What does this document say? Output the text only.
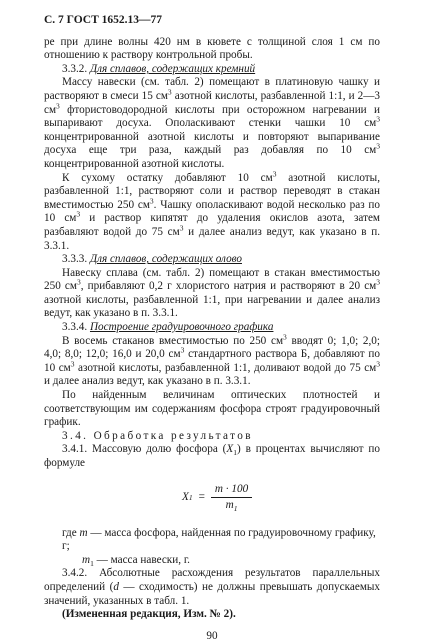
С. 7 ГОСТ 1652.13—77

ре при длине волны 420 нм в кювете с толщиной слоя 1 см по отношению к раствору контрольной пробы.

3.3.2. Для сплавов, содержащих кремний

Массу навески (см. табл. 2) помещают в платиновую чашку и растворяют в смеси 15 $см^3$ азотной кислоты, разбавленной 1:1, и 2—3 $см^3$ фтористоводородной кислоты при осторожном нагревании и выпаривают досуха. Ополаскивают стенки чашки 10 $см^3$ концентрированной азотной кислоты и повторяют выпаривание досуха еще три раза, каждый раз добавляя по 10 $см^3$ концентрированной азотной кислоты.

К сухому остатку добавляют 10 $см^3$ азотной кислоты, разбавленной 1:1, растворяют соли и раствор переводят в стакан вместимостью 250 $см^3$. Чашку ополаскивают водой несколько раз по 10 $см^3$ и раствор кипятят до удаления окислов азота, затем разбавляют водой до 75 $см^3$ и далее анализ ведут, как указано в п. 3.3.1.

3.3.3. Для сплавов, содержащих олово

Навеску сплава (см. табл. 2) помещают в стакан вместимостью 250 $см^3$, прибавляют 0,2 г хлористого натрия и растворяют в 20 $см^3$ азотной кислоты, разбавленной 1:1, при нагревании и далее анализ ведут, как указано в п. 3.3.1.

3.3.4. Построение градуировочного графика

В восемь стаканов вместимостью по 250 $см^3$ вводят 0; 1,0; 2,0; 4,0; 8,0; 12,0; 16,0 и 20,0 $см^3$ стандартного раствора Б, добавляют по 10 $см^3$ азотной кислоты, разбавленной 1:1, доливают водой до 75 $см^3$ и далее анализ ведут, как указано в п. 3.3.1.

По найденным величинам оптических плотностей и соответствующим им содержаниям фосфора строят градуировочный график.

3.4. Обработка результатов

3.4.1. Массовую долю фосфора $(X_1)$ в процентах вычисляют по формуле

X $1 = \frac{m \cdot 100}{m_1}$
где m — масса фосфора, найденная по градуировочному графику, г;
$m_1$ — масса навески, г.

3.4.2. Абсолютные расхождения результатов параллельных определений (d — сходимость) не должны превышать допускаемых значений, указанных в табл. 1.

(Измененная редакция, Изм. № 2).

90
